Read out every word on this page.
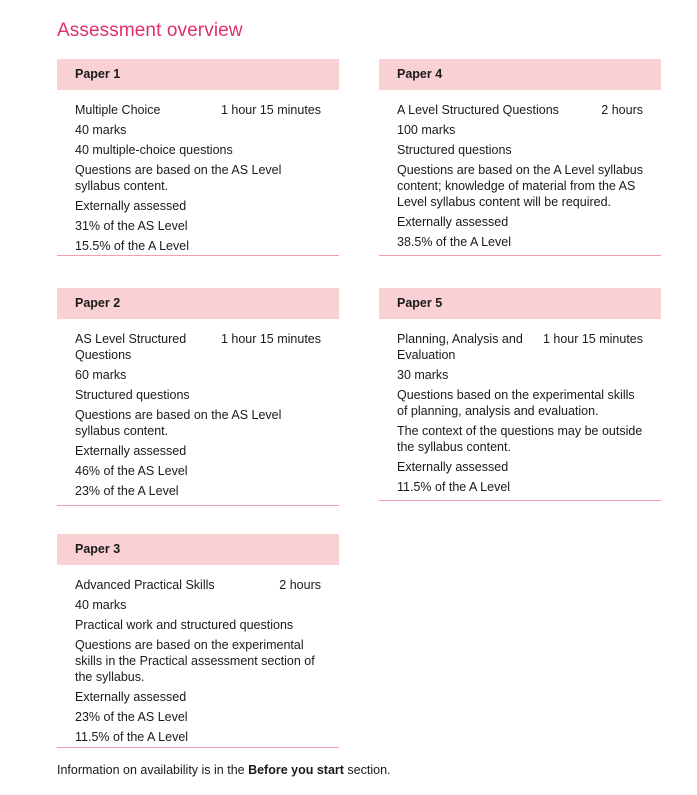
Assessment overview
Paper 1
Multiple Choice	1 hour 15 minutes
40 marks
40 multiple-choice questions
Questions are based on the AS Level syllabus content.
Externally assessed
31% of the AS Level
15.5% of the A Level
Paper 4
A Level Structured Questions	2 hours
100 marks
Structured questions
Questions are based on the A Level syllabus content; knowledge of material from the AS Level syllabus content will be required.
Externally assessed
38.5% of the A Level
Paper 2
AS Level Structured Questions
1 hour 15 minutes
60 marks
Structured questions
Questions are based on the AS Level syllabus content.
Externally assessed
46% of the AS Level
23% of the A Level
Paper 5
Planning, Analysis and Evaluation
1 hour 15 minutes
30 marks
Questions based on the experimental skills of planning, analysis and evaluation.
The context of the questions may be outside the syllabus content.
Externally assessed
11.5% of the A Level
Paper 3
Advanced Practical Skills	2 hours
40 marks
Practical work and structured questions
Questions are based on the experimental skills in the Practical assessment section of the syllabus.
Externally assessed
23% of the AS Level
11.5% of the A Level
Information on availability is in the Before you start section.
